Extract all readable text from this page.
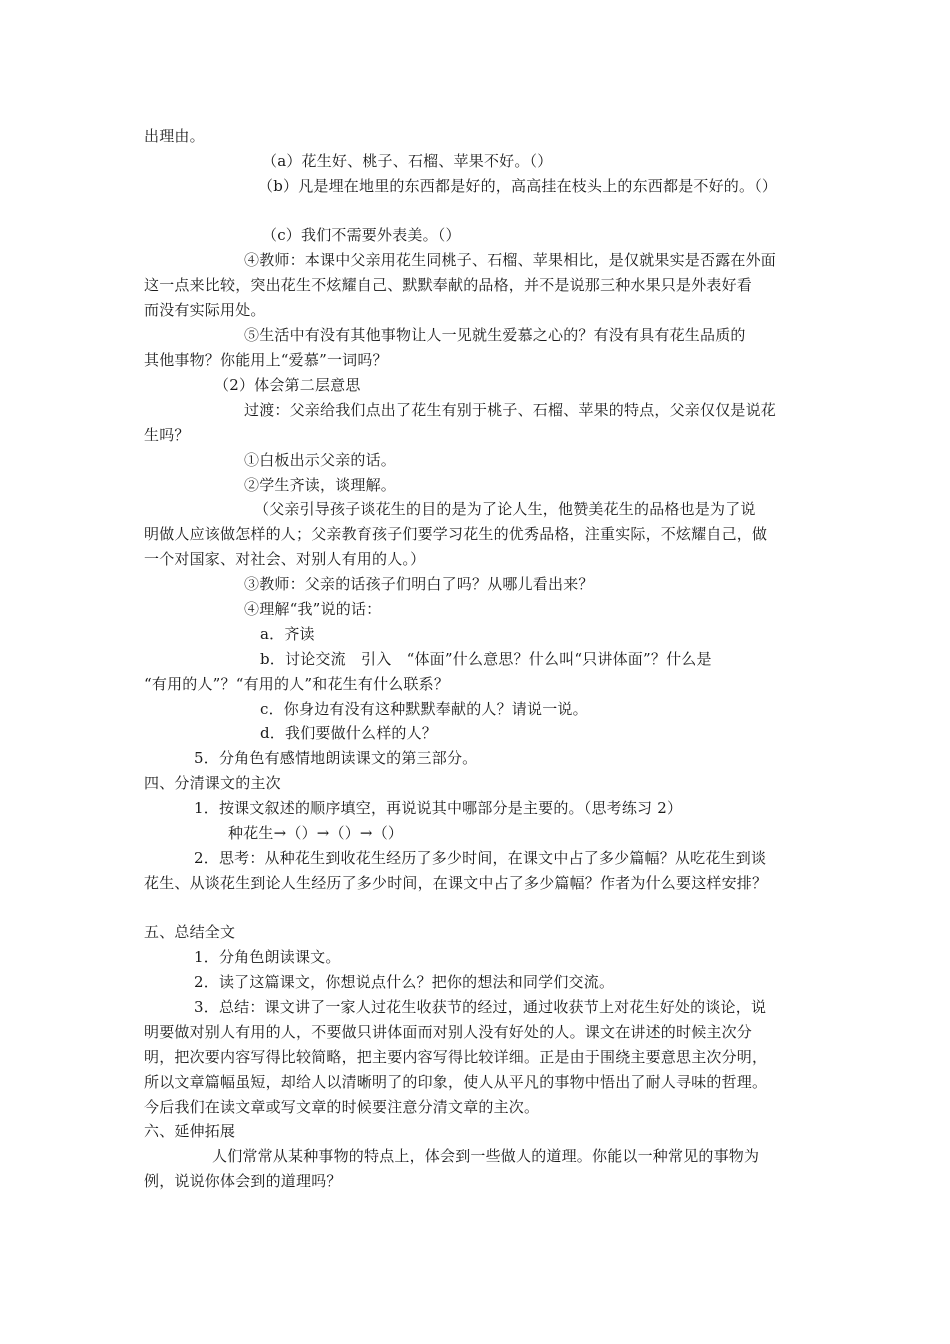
出理由。
（a）花生好、桃子、石榴、苹果不好。（）
（b）凡是埋在地里的东西都是好的，高高挂在枝头上的东西都是不好的。（）
（c）我们不需要外表美。（）
④教师：本课中父亲用花生同桃子、石榴、苹果相比，是仅就果实是否露在外面
这一点来比较，突出花生不炫耀自己、默默奉献的品格，并不是说那三种水果只是外表好看
而没有实际用处。
⑤生活中有没有其他事物让人一见就生爱慕之心的？有没有具有花生品质的
其他事物？你能用上“爱慕”一词吗？
（2）体会第二层意思
过渡：父亲给我们点出了花生有别于桃子、石榴、苹果的特点，父亲仅仅是说花
生吗？
①白板出示父亲的话。
②学生齐读，谈理解。
（父亲引导孩子谈花生的目的是为了论人生，他赞美花生的品格也是为了说
明做人应该做怎样的人；父亲教育孩子们要学习花生的优秀品格，注重实际，不炫耀自己，做
一个对国家、对社会、对别人有用的人。）
③教师：父亲的话孩子们明白了吗？从哪儿看出来？
④理解“我”说的话：
a．齐读
b．讨论交流　引入　“体面”什么意思？什么叫“只讲体面”？什么是
“有用的人”？“有用的人”和花生有什么联系？
c．你身边有没有这种默默奉献的人？请说一说。
d．我们要做什么样的人？
5．分角色有感情地朗读课文的第三部分。
四、分清课文的主次
1．按课文叙述的顺序填空，再说说其中哪部分是主要的。（思考练习 2）
种花生→（）→（）→（）
2．思考：从种花生到收花生经历了多少时间，在课文中占了多少篇幅？从吃花生到谈
花生、从谈花生到论人生经历了多少时间，在课文中占了多少篇幅？作者为什么要这样安排？
五、总结全文
1．分角色朗读课文。
2．读了这篇课文，你想说点什么？把你的想法和同学们交流。
3．总结：课文讲了一家人过花生收获节的经过，通过收获节上对花生好处的谈论，说
明要做对别人有用的人，不要做只讲体面而对别人没有好处的人。课文在讲述的时候主次分
明，把次要内容写得比较简略，把主要内容写得比较详细。正是由于围绕主要意思主次分明，
所以文章篇幅虽短，却给人以清晰明了的印象，使人从平凡的事物中悟出了耐人寻味的哲理。
今后我们在读文章或写文章的时候要注意分清文章的主次。
六、延伸拓展
人们常常从某种事物的特点上，体会到一些做人的道理。你能以一种常见的事物为
例，说说你体会到的道理吗？
